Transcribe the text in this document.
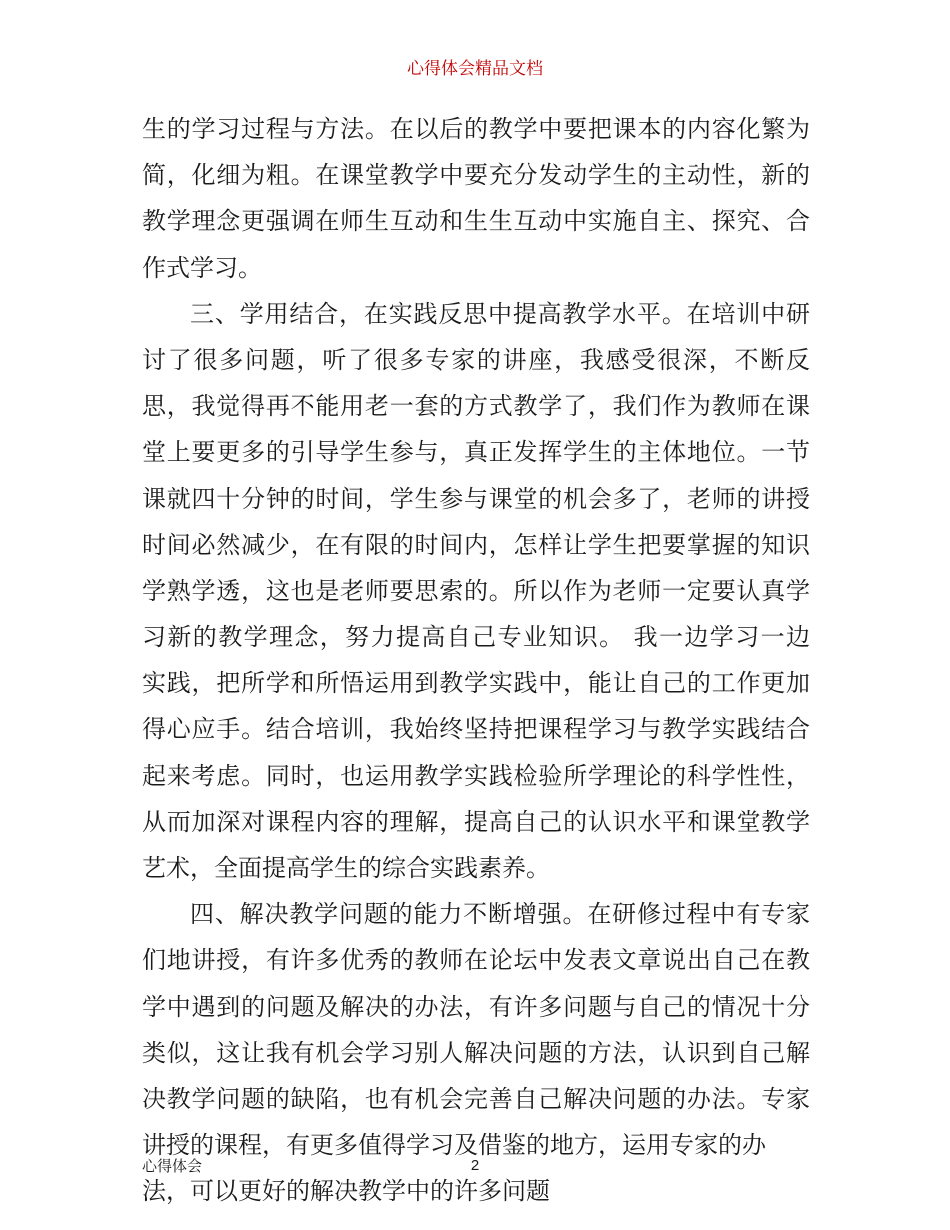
心得体会精品文档
生的学习过程与方法。在以后的教学中要把课本的内容化繁为
简，化细为粗。在课堂教学中要充分发动学生的主动性，新的
教学理念更强调在师生互动和生生互动中实施自主、探究、合
作式学习。
三、学用结合，在实践反思中提高教学水平。在培训中研
讨了很多问题，听了很多专家的讲座，我感受很深，不断反
思，我觉得再不能用老一套的方式教学了，我们作为教师在课
堂上要更多的引导学生参与，真正发挥学生的主体地位。一节
课就四十分钟的时间，学生参与课堂的机会多了，老师的讲授
时间必然减少，在有限的时间内，怎样让学生把要掌握的知识
学熟学透，这也是老师要思索的。所以作为老师一定要认真学
习新的教学理念，努力提高自己专业知识。 我一边学习一边
实践，把所学和所悟运用到教学实践中，能让自己的工作更加
得心应手。结合培训，我始终坚持把课程学习与教学实践结合
起来考虑。同时，也运用教学实践检验所学理论的科学性性，
从而加深对课程内容的理解，提高自己的认识水平和课堂教学
艺术，全面提高学生的综合实践素养。
四、解决教学问题的能力不断增强。在研修过程中有专家
们地讲授，有许多优秀的教师在论坛中发表文章说出自己在教
学中遇到的问题及解决的办法，有许多问题与自己的情况十分
类似，这让我有机会学习别人解决问题的方法，认识到自己解
决教学问题的缺陷，也有机会完善自己解决问题的办法。专家
讲授的课程，有更多值得学习及借鉴的地方，运用专家的办
法，可以更好的解决教学中的许多问题
心得体会	2
